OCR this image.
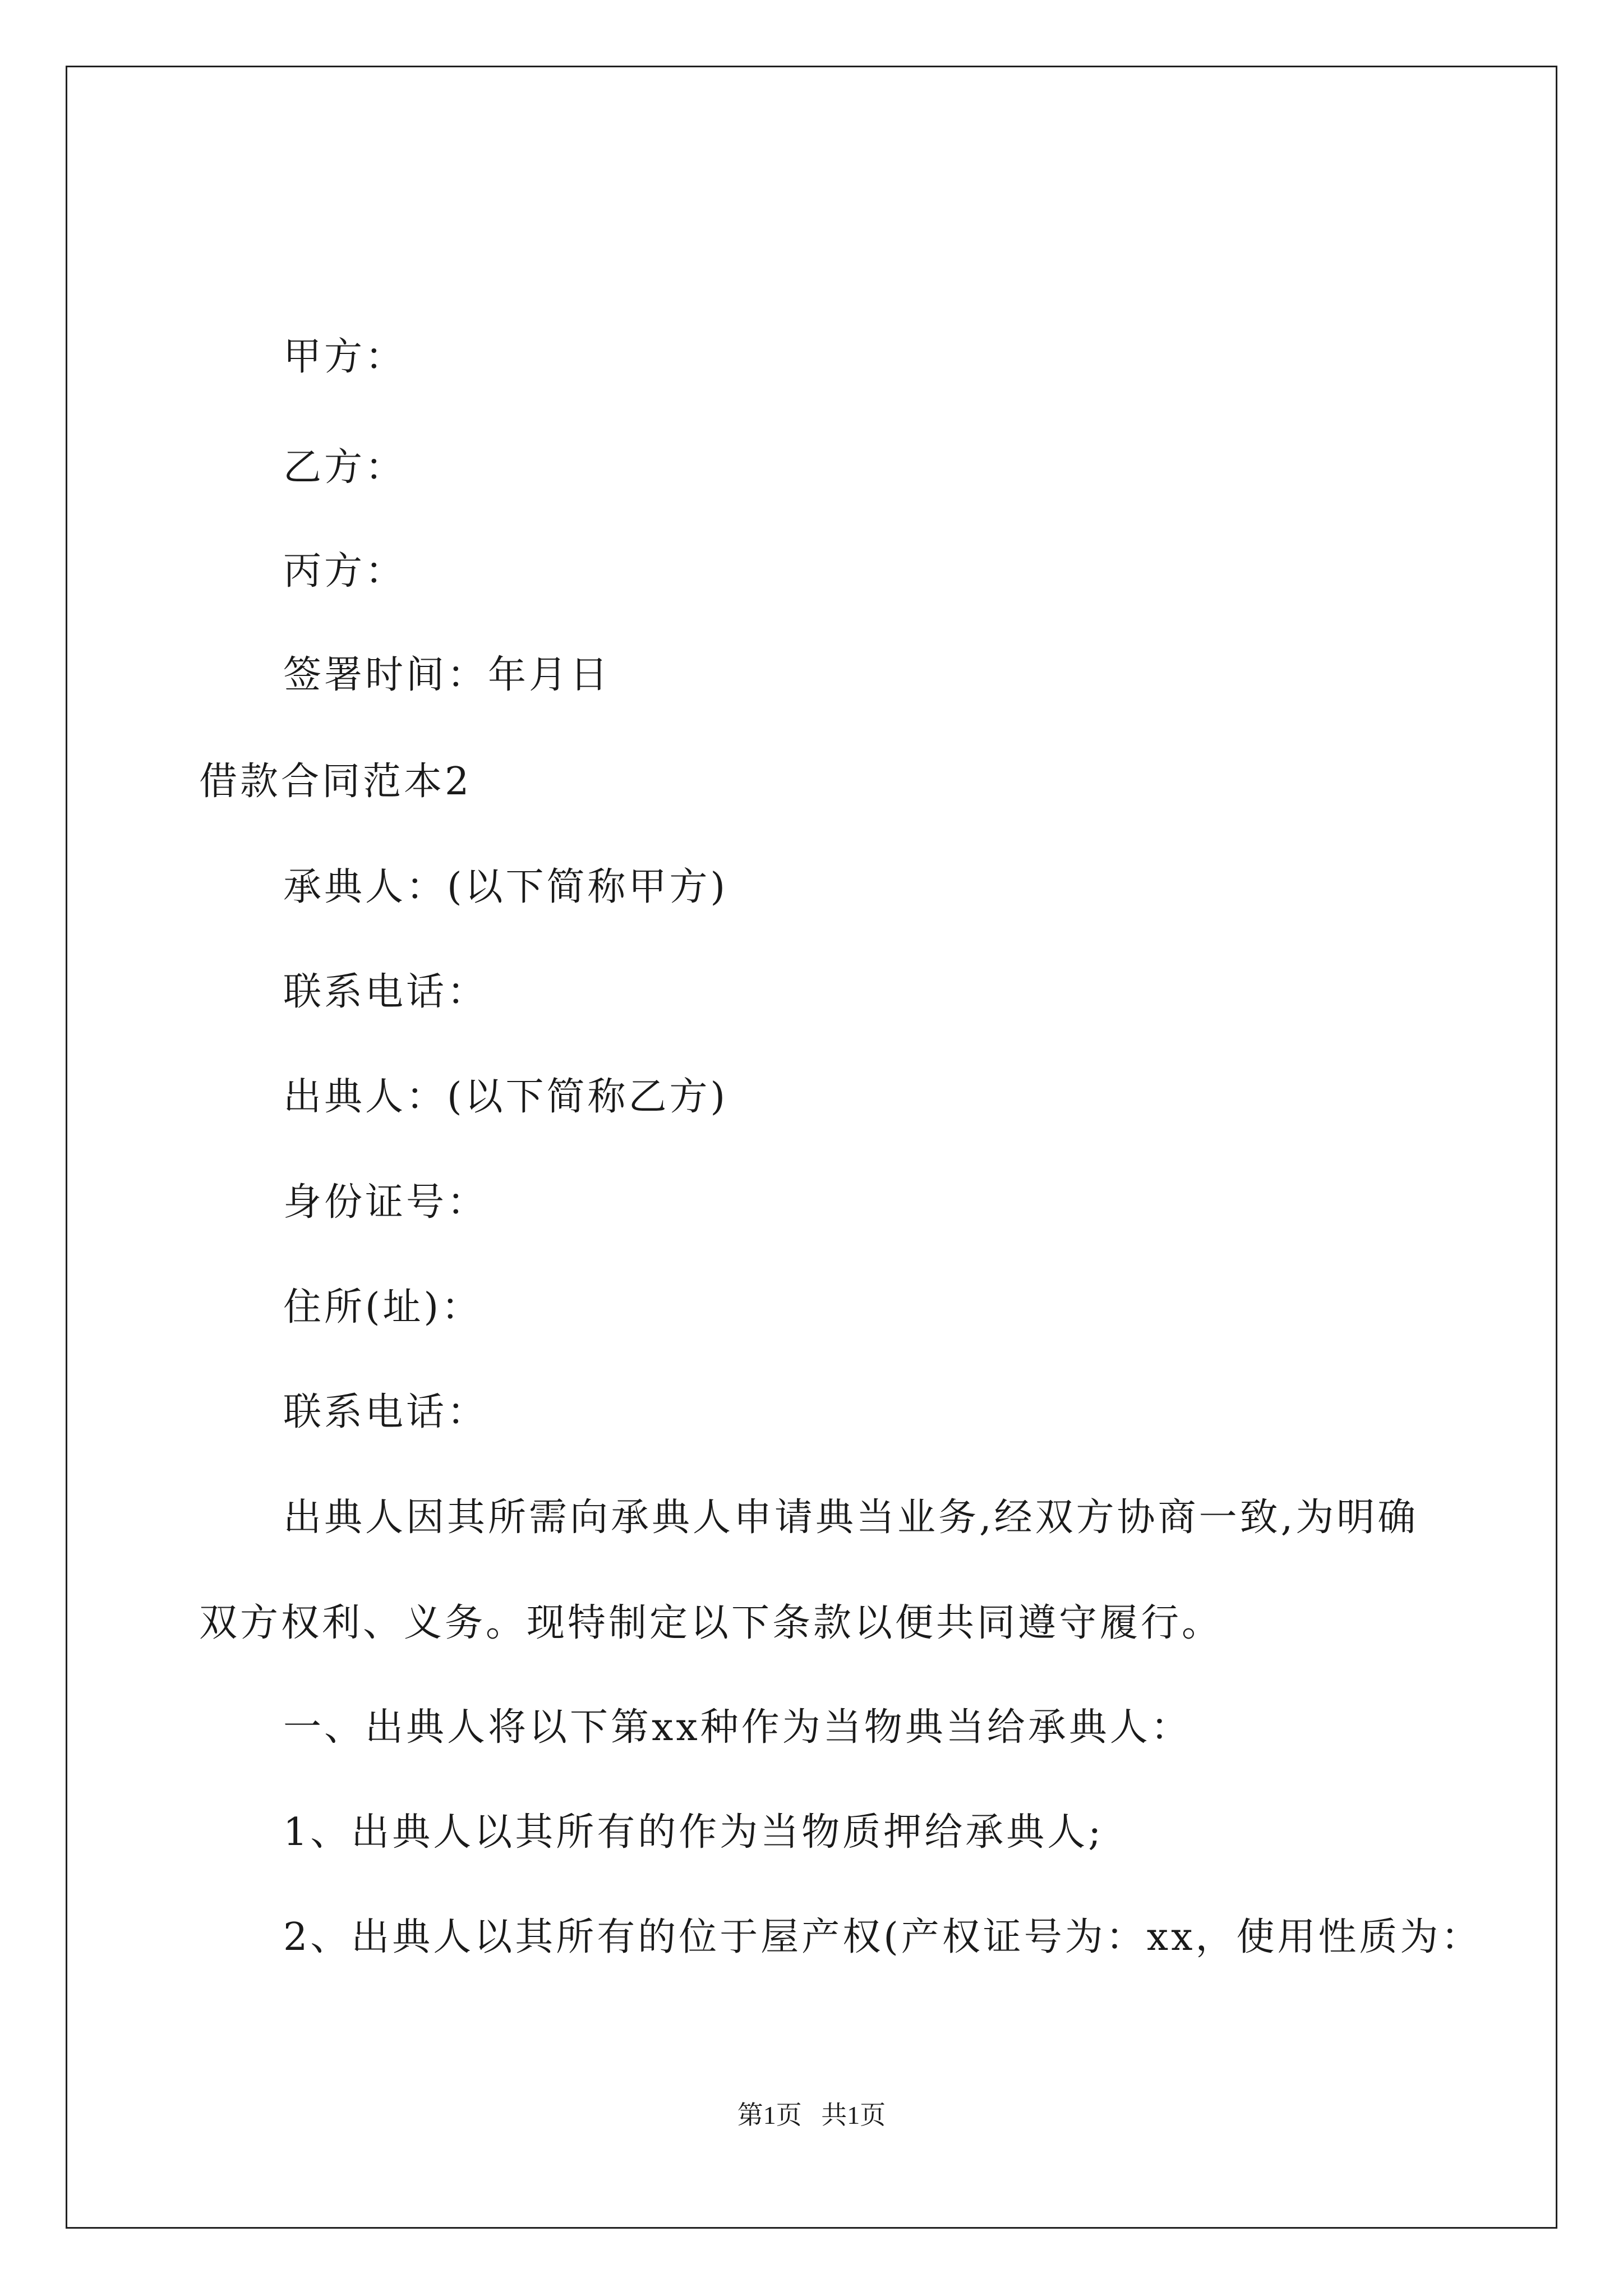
甲方：
乙方：
丙方：
签署时间：年月日
借款合同范本2
承典人：(以下简称甲方)
联系电话：
出典人：(以下简称乙方)
身份证号：
住所(址)：
联系电话：
出典人因其所需向承典人申请典当业务,经双方协商一致,为明确
双方权利、义务。现特制定以下条款以便共同遵守履行。
一、出典人将以下第xx种作为当物典当给承典人：
1、出典人以其所有的作为当物质押给承典人;
2、出典人以其所有的位于屋产权(产权证号为：xx，使用性质为：
第1页 共1页
